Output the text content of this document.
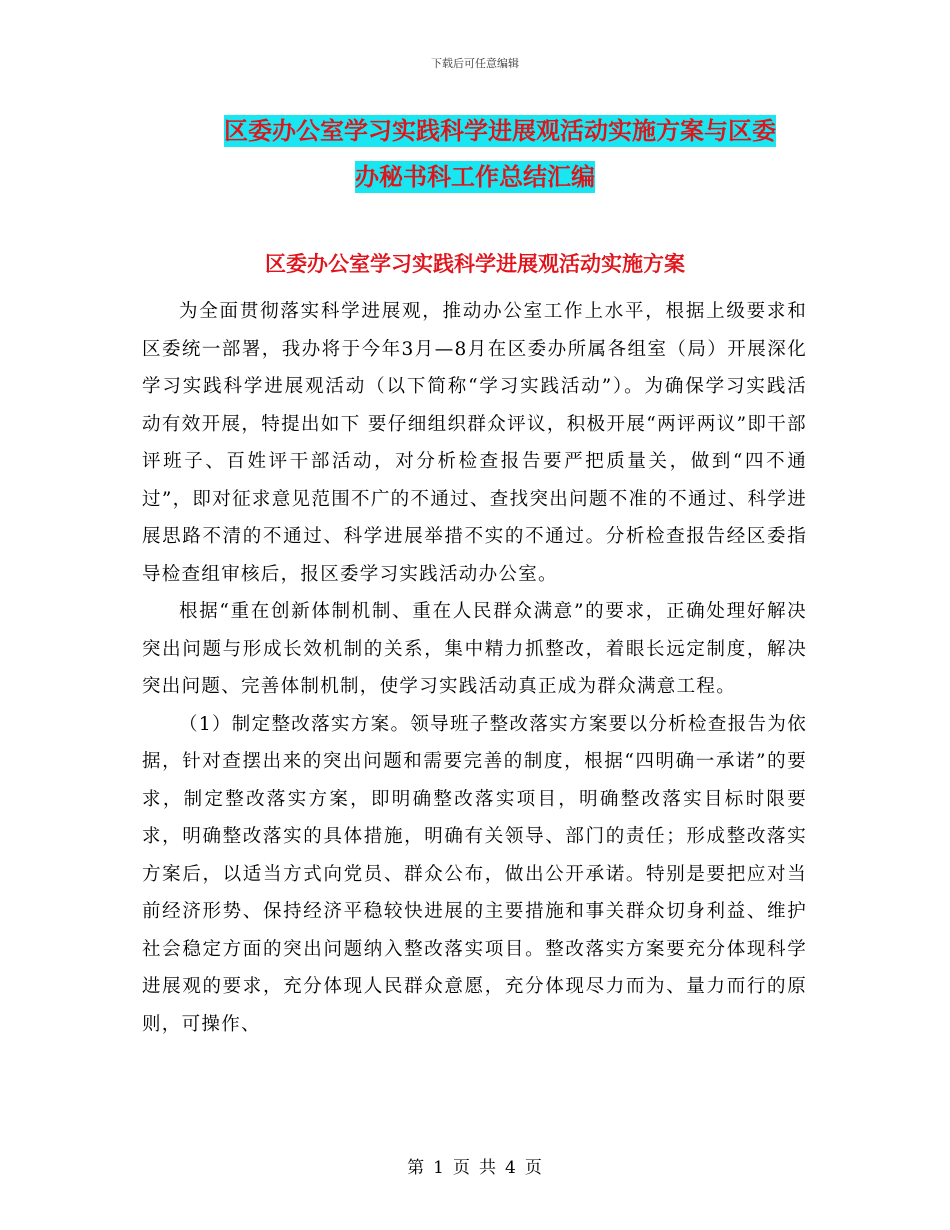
下载后可任意编辑
区委办公室学习实践科学进展观活动实施方案与区委
办秘书科工作总结汇编
区委办公室学习实践科学进展观活动实施方案

为全面贯彻落实科学进展观，推动办公室工作上水平，根据上级要求和区委统一部署，我办将于今年3月—8月在区委办所属各组室（局）开展深化学习实践科学进展观活动（以下简称“学习实践活动”）。为确保学习实践活动有效开展，特提出如下 要仔细组织群众评议，积极开展“两评两议”即干部评班子、百姓评干部活动，对分析检查报告要严把质量关，做到“四不通过”，即对征求意见范围不广的不通过、查找突出问题不准的不通过、科学进展思路不清的不通过、科学进展举措不实的不通过。分析检查报告经区委指导检查组审核后，报区委学习实践活动办公室。

根据“重在创新体制机制、重在人民群众满意”的要求，正确处理好解决突出问题与形成长效机制的关系，集中精力抓整改，着眼长远定制度，解决突出问题、完善体制机制，使学习实践活动真正成为群众满意工程。

（1）制定整改落实方案。领导班子整改落实方案要以分析检查报告为依据，针对查摆出来的突出问题和需要完善的制度，根据“四明确一承诺”的要求，制定整改落实方案，即明确整改落实项目，明确整改落实目标时限要求，明确整改落实的具体措施，明确有关领导、部门的责任；形成整改落实方案后，以适当方式向党员、群众公布，做出公开承诺。特别是要把应对当前经济形势、保持经济平稳较快进展的主要措施和事关群众切身利益、维护社会稳定方面的突出问题纳入整改落实项目。整改落实方案要充分体现科学进展观的要求，充分体现人民群众意愿，充分体现尽力而为、量力而行的原则，可操作、

第 1 页 共 4 页
